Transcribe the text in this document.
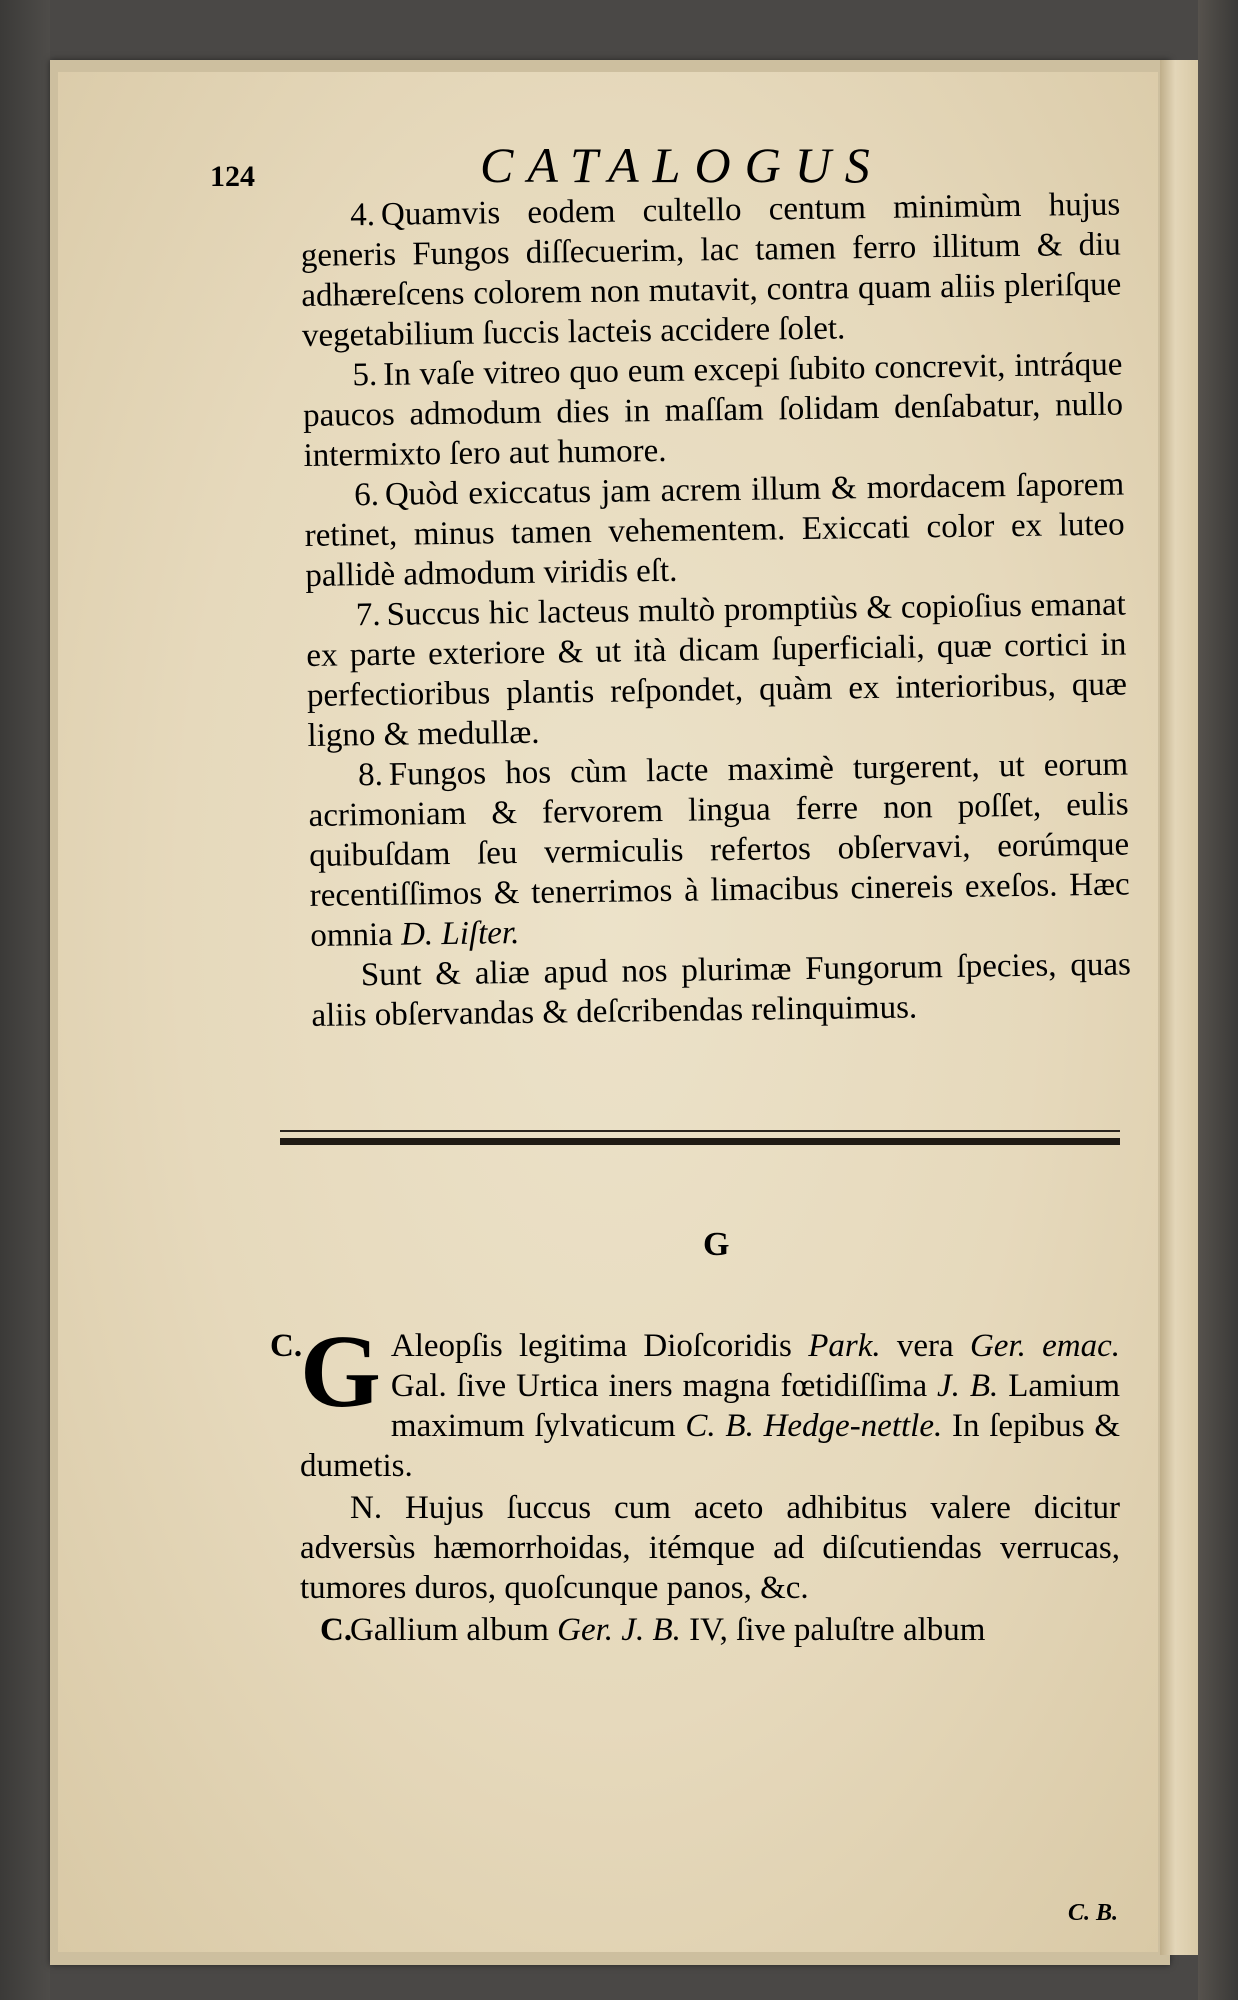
124	CATALOGUS

4. Quamvis eodem cultello centum minimùm hujus generis Fungos diſſecuerim, lac tamen ferro illitum & diu adhæreſcens colorem non mutavit, contra quam aliis pleriſque vegetabilium ſuccis lacteis accidere ſolet.

5. In vaſe vitreo quo eum excepi ſubito concrevit, intráque paucos admodum dies in maſſam ſolidam denſabatur, nullo intermixto ſero aut humore.

6. Quòd exiccatus jam acrem illum & mordacem ſaporem retinet, minus tamen vehementem. Exiccati color ex luteo pallidè admodum viridis eſt.

7. Succus hic lacteus multò promptiùs & copioſius emanat ex parte exteriore & ut ità dicam ſuperficiali, quæ cortici in perfectioribus plantis reſpondet, quàm ex interioribus, quæ ligno & medullæ.

8. Fungos hos cùm lacte maximè turgerent, ut eorum acrimoniam & fervorem lingua ferre non poſſet, eulis quibuſdam ſeu vermiculis refertos obſervavi, eorúmque recentiſſimos & tenerrimos à limacibus cinereis exeſos. Hæc omnia D. Liſter.

Sunt & aliæ apud nos plurimæ Fungorum ſpecies, quas aliis obſervandas & deſcribendas relinquimus.

G

C.
G Aleopſis legitima Dioſcoridis Park. vera Ger. emac. Gal. ſive Urtica iners magna fœtidiſſima J. B. Lamium maximum ſylvaticum C. B. Hedge-nettle. In ſepibus & dumetis.

N. Hujus ſuccus cum aceto adhibitus valere dicitur adversùs hæmorrhoidas, itémque ad diſcutiendas verrucas, tumores duros, quoſcunque panos, &c.

C.
Gallium album Ger. J. B. IV, ſive paluſtre album

C. B.
